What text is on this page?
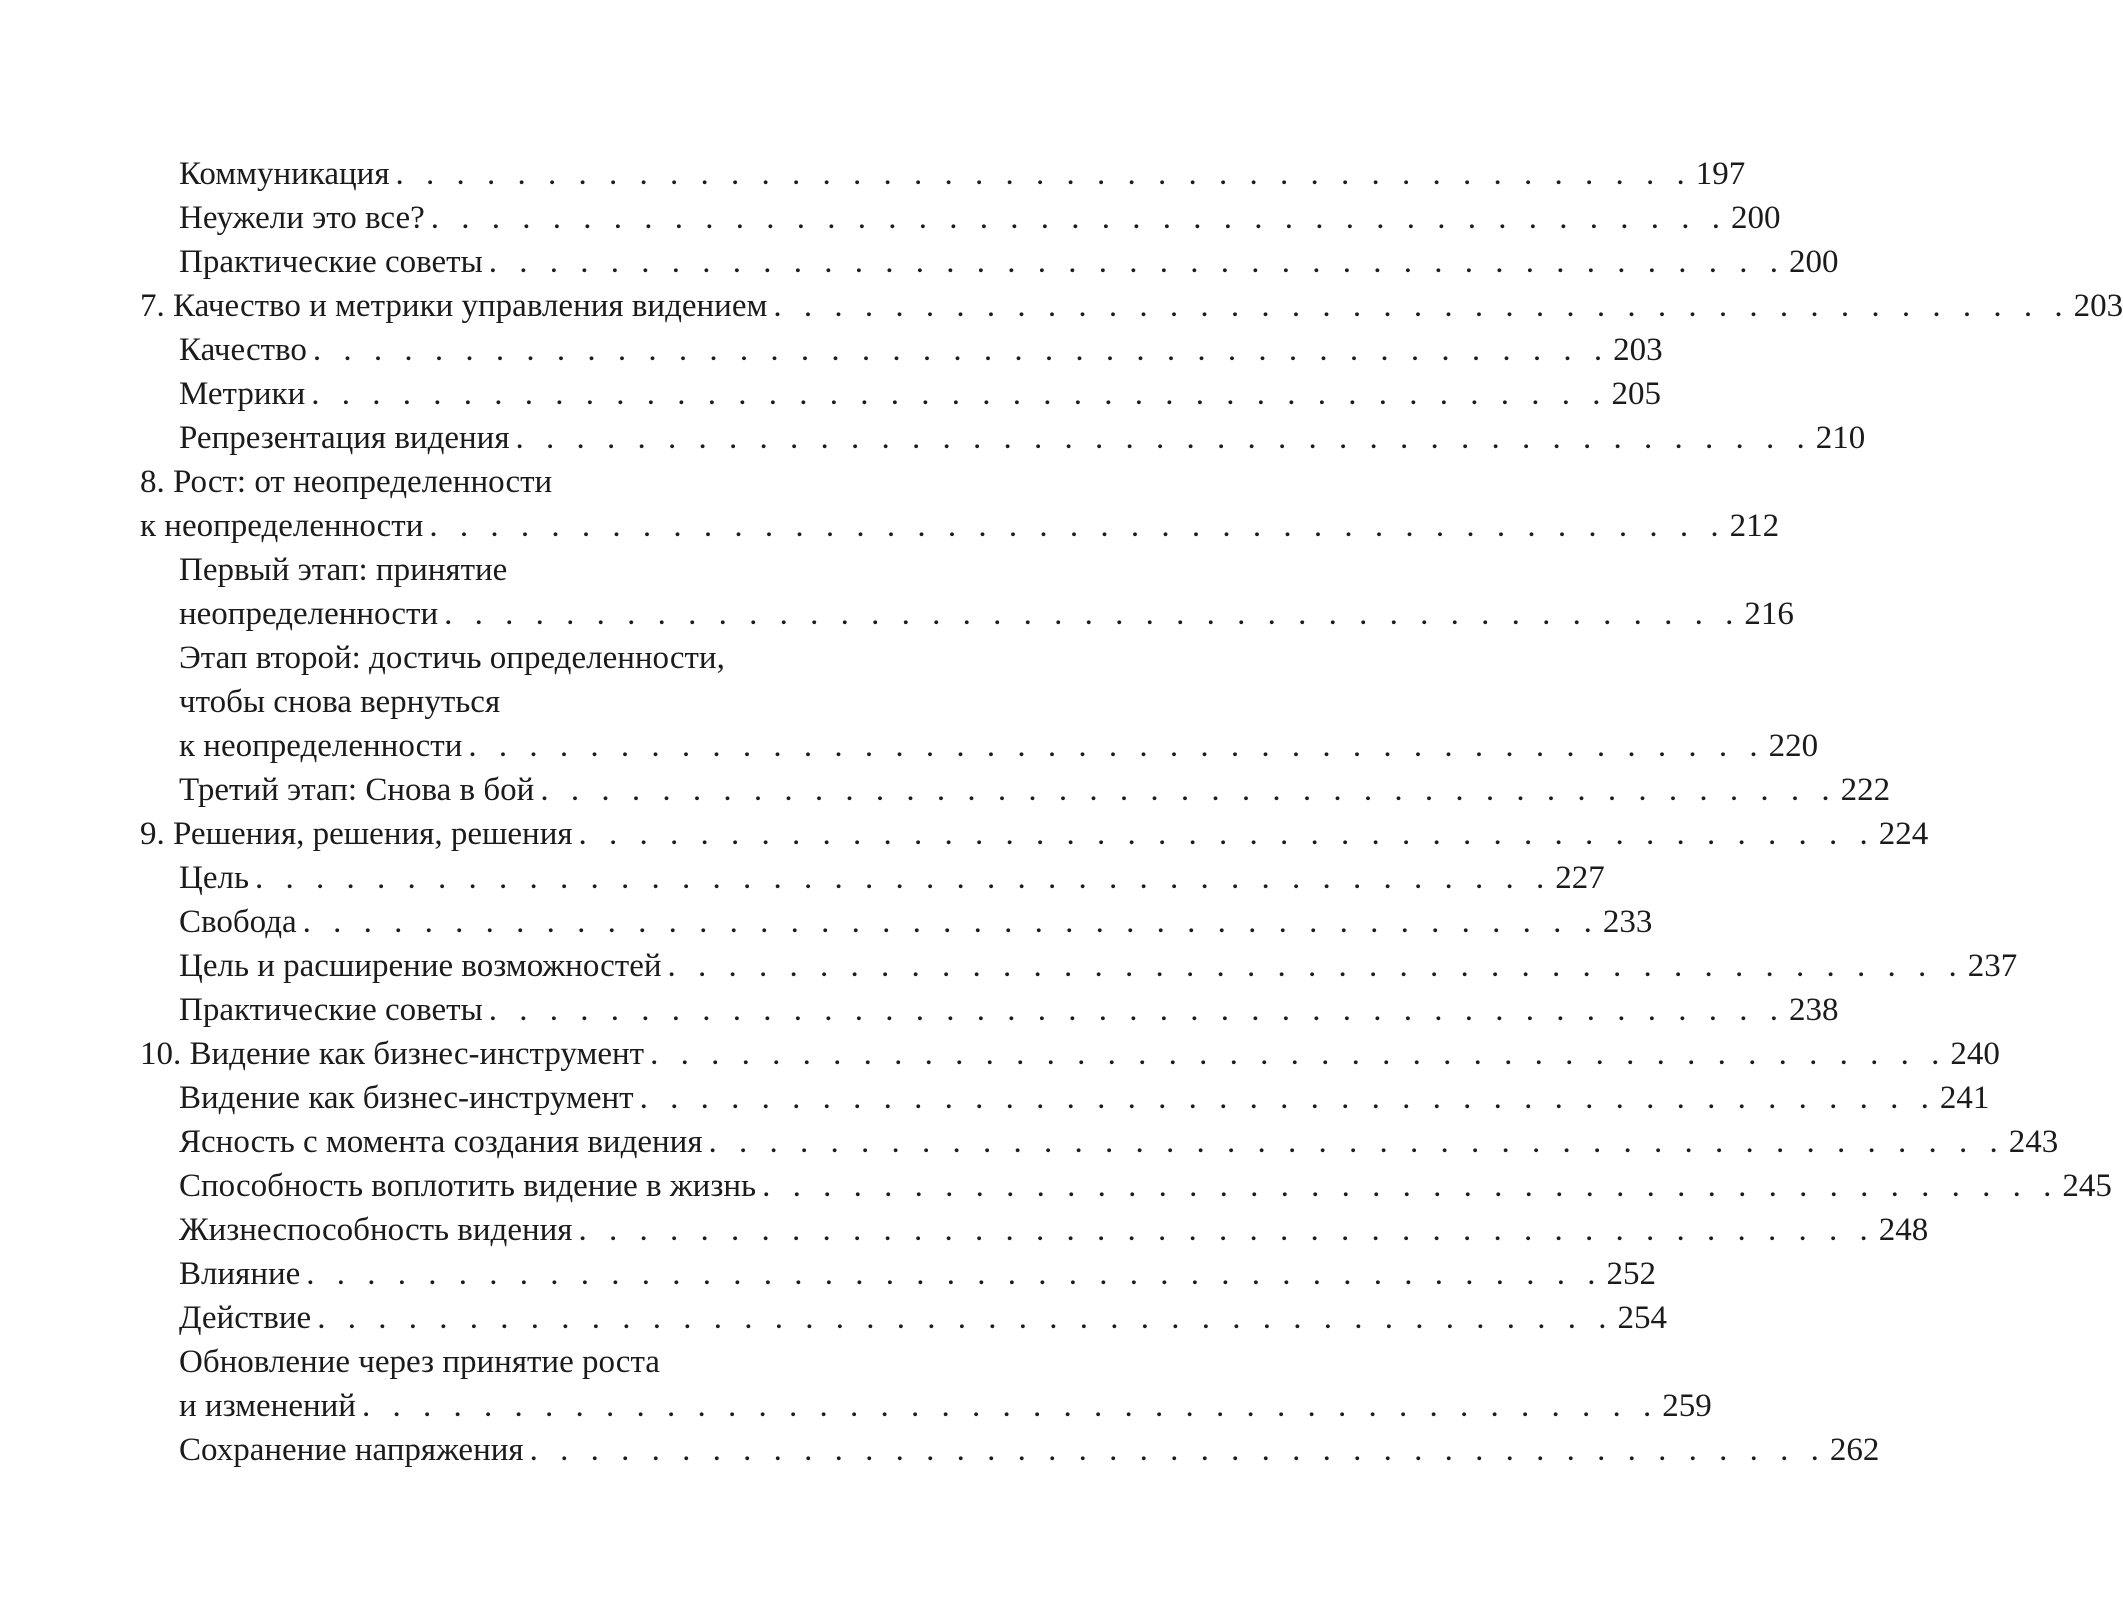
Коммуникация . . . . . . . . . . . . . . . . . . . . . . . . . . . . . . . . . . . . . . . . . . . 197
Неужели это все? . . . . . . . . . . . . . . . . . . . . . . . . . . . . . . . . . . . . . . . . . . . 200
Практические советы . . . . . . . . . . . . . . . . . . . . . . . . . . . . . . . . . . . . . . . . . . . 200
7. Качество и метрики управления видением . . . . . . . . . . . . . . . . . . . . . . . . . . . . . . . . . . . . . . . . . . . 203
Качество . . . . . . . . . . . . . . . . . . . . . . . . . . . . . . . . . . . . . . . . . . . 203
Метрики . . . . . . . . . . . . . . . . . . . . . . . . . . . . . . . . . . . . . . . . . . . 205
Репрезентация видения . . . . . . . . . . . . . . . . . . . . . . . . . . . . . . . . . . . . . . . . . . . 210
8. Рост: от неопределенности
к неопределенности . . . . . . . . . . . . . . . . . . . . . . . . . . . . . . . . . . . . . . . . . . . 212
Первый этап: принятие
неопределенности . . . . . . . . . . . . . . . . . . . . . . . . . . . . . . . . . . . . . . . . . . . 216
Этап второй: достичь определенности,
чтобы снова вернуться
к неопределенности . . . . . . . . . . . . . . . . . . . . . . . . . . . . . . . . . . . . . . . . . . . 220
Третий этап: Снова в бой . . . . . . . . . . . . . . . . . . . . . . . . . . . . . . . . . . . . . . . . . . . 222
9. Решения, решения, решения . . . . . . . . . . . . . . . . . . . . . . . . . . . . . . . . . . . . . . . . . . . 224
Цель . . . . . . . . . . . . . . . . . . . . . . . . . . . . . . . . . . . . . . . . . . . 227
Свобода . . . . . . . . . . . . . . . . . . . . . . . . . . . . . . . . . . . . . . . . . . . 233
Цель и расширение возможностей . . . . . . . . . . . . . . . . . . . . . . . . . . . . . . . . . . . . . . . . . . . 237
Практические советы . . . . . . . . . . . . . . . . . . . . . . . . . . . . . . . . . . . . . . . . . . . 238
10. Видение как бизнес-инструмент . . . . . . . . . . . . . . . . . . . . . . . . . . . . . . . . . . . . . . . . . . . 240
Видение как бизнес-инструмент . . . . . . . . . . . . . . . . . . . . . . . . . . . . . . . . . . . . . . . . . . . 241
Ясность с момента создания видения . . . . . . . . . . . . . . . . . . . . . . . . . . . . . . . . . . . . . . . . . . . 243
Способность воплотить видение в жизнь . . . . . . . . . . . . . . . . . . . . . . . . . . . . . . . . . . . . . . . . . . . 245
Жизнеспособность видения . . . . . . . . . . . . . . . . . . . . . . . . . . . . . . . . . . . . . . . . . . . 248
Влияние . . . . . . . . . . . . . . . . . . . . . . . . . . . . . . . . . . . . . . . . . . . 252
Действие . . . . . . . . . . . . . . . . . . . . . . . . . . . . . . . . . . . . . . . . . . . 254
Обновление через принятие роста
и изменений . . . . . . . . . . . . . . . . . . . . . . . . . . . . . . . . . . . . . . . . . . . 259
Сохранение напряжения . . . . . . . . . . . . . . . . . . . . . . . . . . . . . . . . . . . . . . . . . . . 262
